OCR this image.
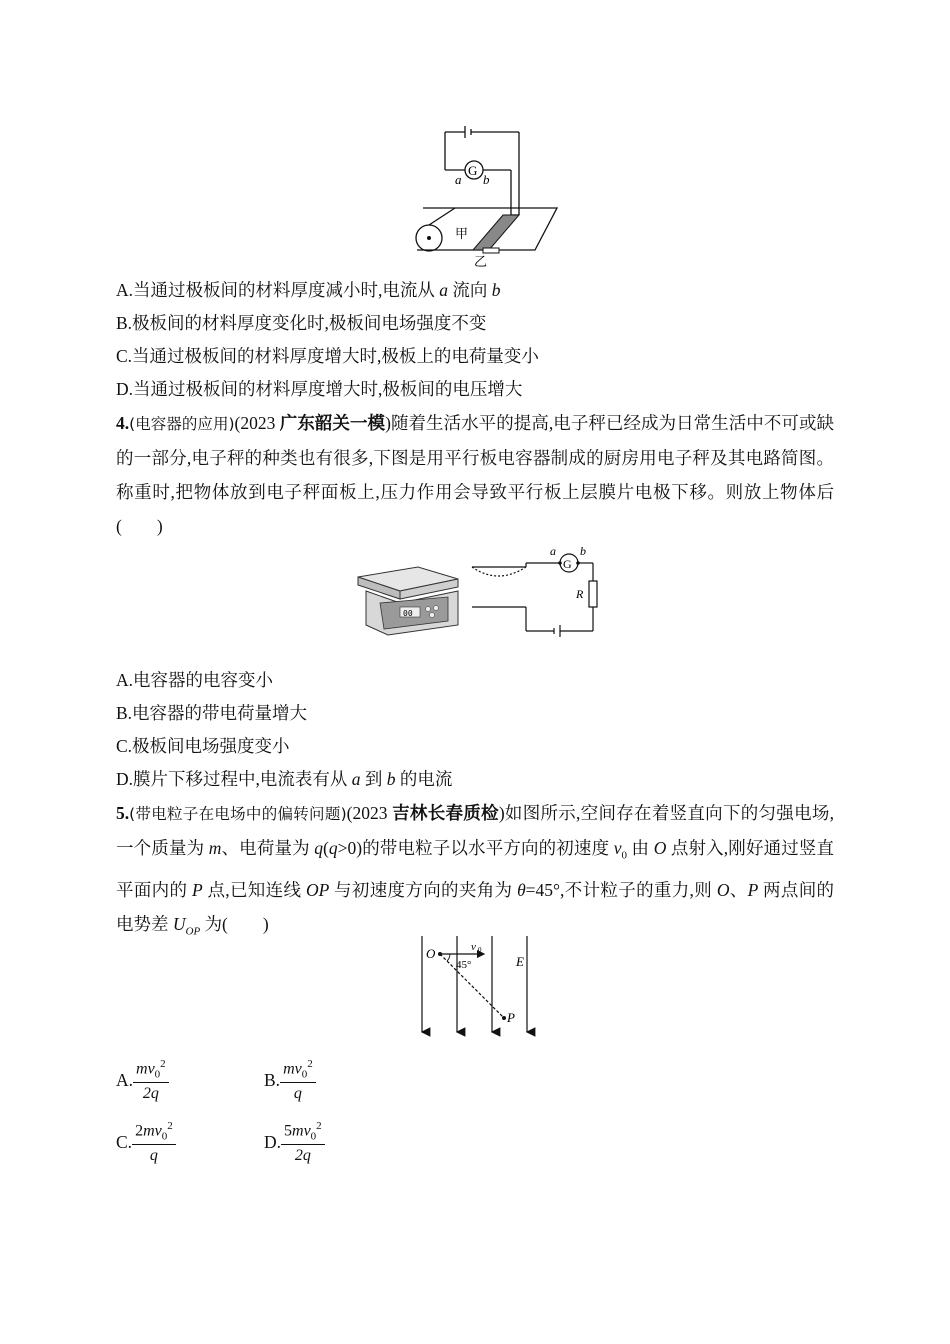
G
a b
甲
乙
A.当通过极板间的材料厚度减小时,电流从 a 流向 b
B.极板间的材料厚度变化时,极板间电场强度不变
C.当通过极板间的材料厚度增大时,极板上的电荷量变小
D.当通过极板间的材料厚度增大时,极板间的电压增大
4.(电容器的应用)(2023 广东韶关一模)随着生活水平的提高,电子秤已经成为日常生活中不可或缺的一部分,电子秤的种类也有很多,下图是用平行板电容器制成的厨房用电子秤及其电路简图。称重时,把物体放到电子秤面板上,压力作用会导致平行板上层膜片电极下移。则放上物体后(　　)
00
G
a b
R
A.电容器的电容变小
B.电容器的带电荷量增大
C.极板间电场强度变小
D.膜片下移过程中,电流表有从 a 到 b 的电流
5.(带电粒子在电场中的偏转问题)(2023 吉林长春质检)如图所示,空间存在着竖直向下的匀强电场,一个质量为 m、电荷量为 q(q>0)的带电粒子以水平方向的初速度 $v_0$ 由 O 点射入,刚好通过竖直平面内的 P 点,已知连线 OP 与初速度方向的夹角为 θ=45°,不计粒子的重力,则 O、P 两点间的电势差 $U_{OP}$ 为(　　)
O
P
E
v 0
45°
A. $\frac{mv_0^2}{2q}$	B. $\frac{mv_0^2}{q}$
C. $\frac{2mv_0^2}{q}$	D. $\frac{5mv_0^2}{2q}$
